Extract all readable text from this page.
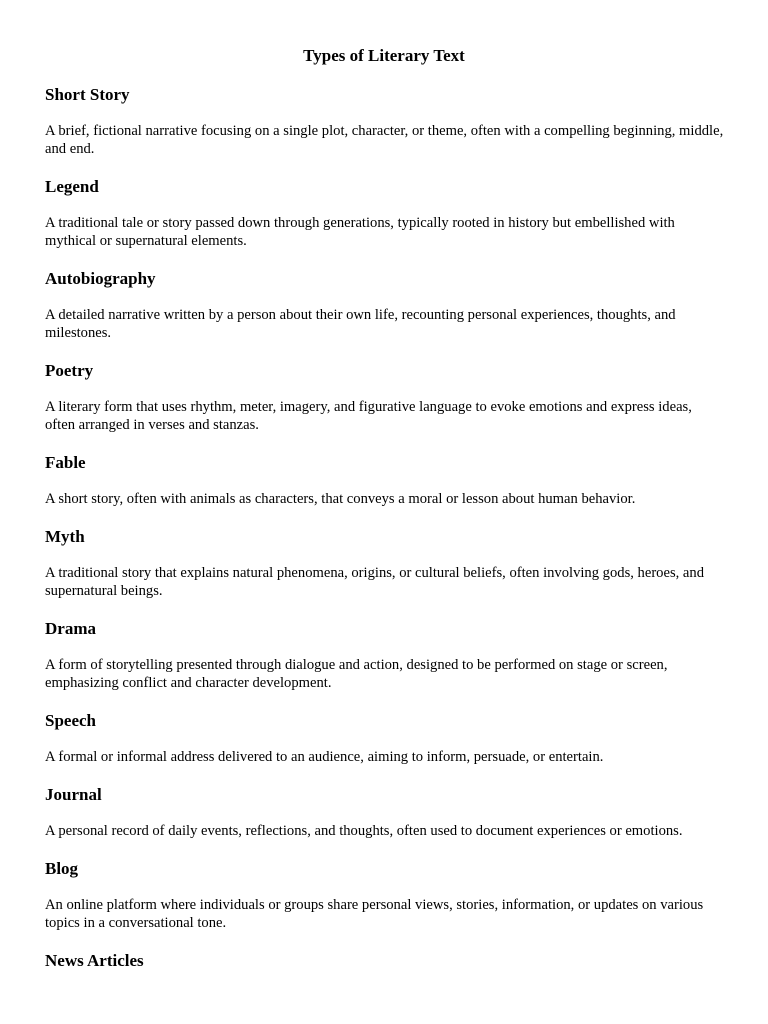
Types of Literary Text
Short Story

A brief, fictional narrative focusing on a single plot, character, or theme, often with a compelling beginning, middle, and end.

Legend

A traditional tale or story passed down through generations, typically rooted in history but embellished with mythical or supernatural elements.

Autobiography

A detailed narrative written by a person about their own life, recounting personal experiences, thoughts, and milestones.

Poetry

A literary form that uses rhythm, meter, imagery, and figurative language to evoke emotions and express ideas, often arranged in verses and stanzas.

Fable

A short story, often with animals as characters, that conveys a moral or lesson about human behavior.

Myth

A traditional story that explains natural phenomena, origins, or cultural beliefs, often involving gods, heroes, and supernatural beings.

Drama

A form of storytelling presented through dialogue and action, designed to be performed on stage or screen, emphasizing conflict and character development.

Speech

A formal or informal address delivered to an audience, aiming to inform, persuade, or entertain.

Journal

A personal record of daily events, reflections, and thoughts, often used to document experiences or emotions.

Blog

An online platform where individuals or groups share personal views, stories, information, or updates on various topics in a conversational tone.

News Articles
